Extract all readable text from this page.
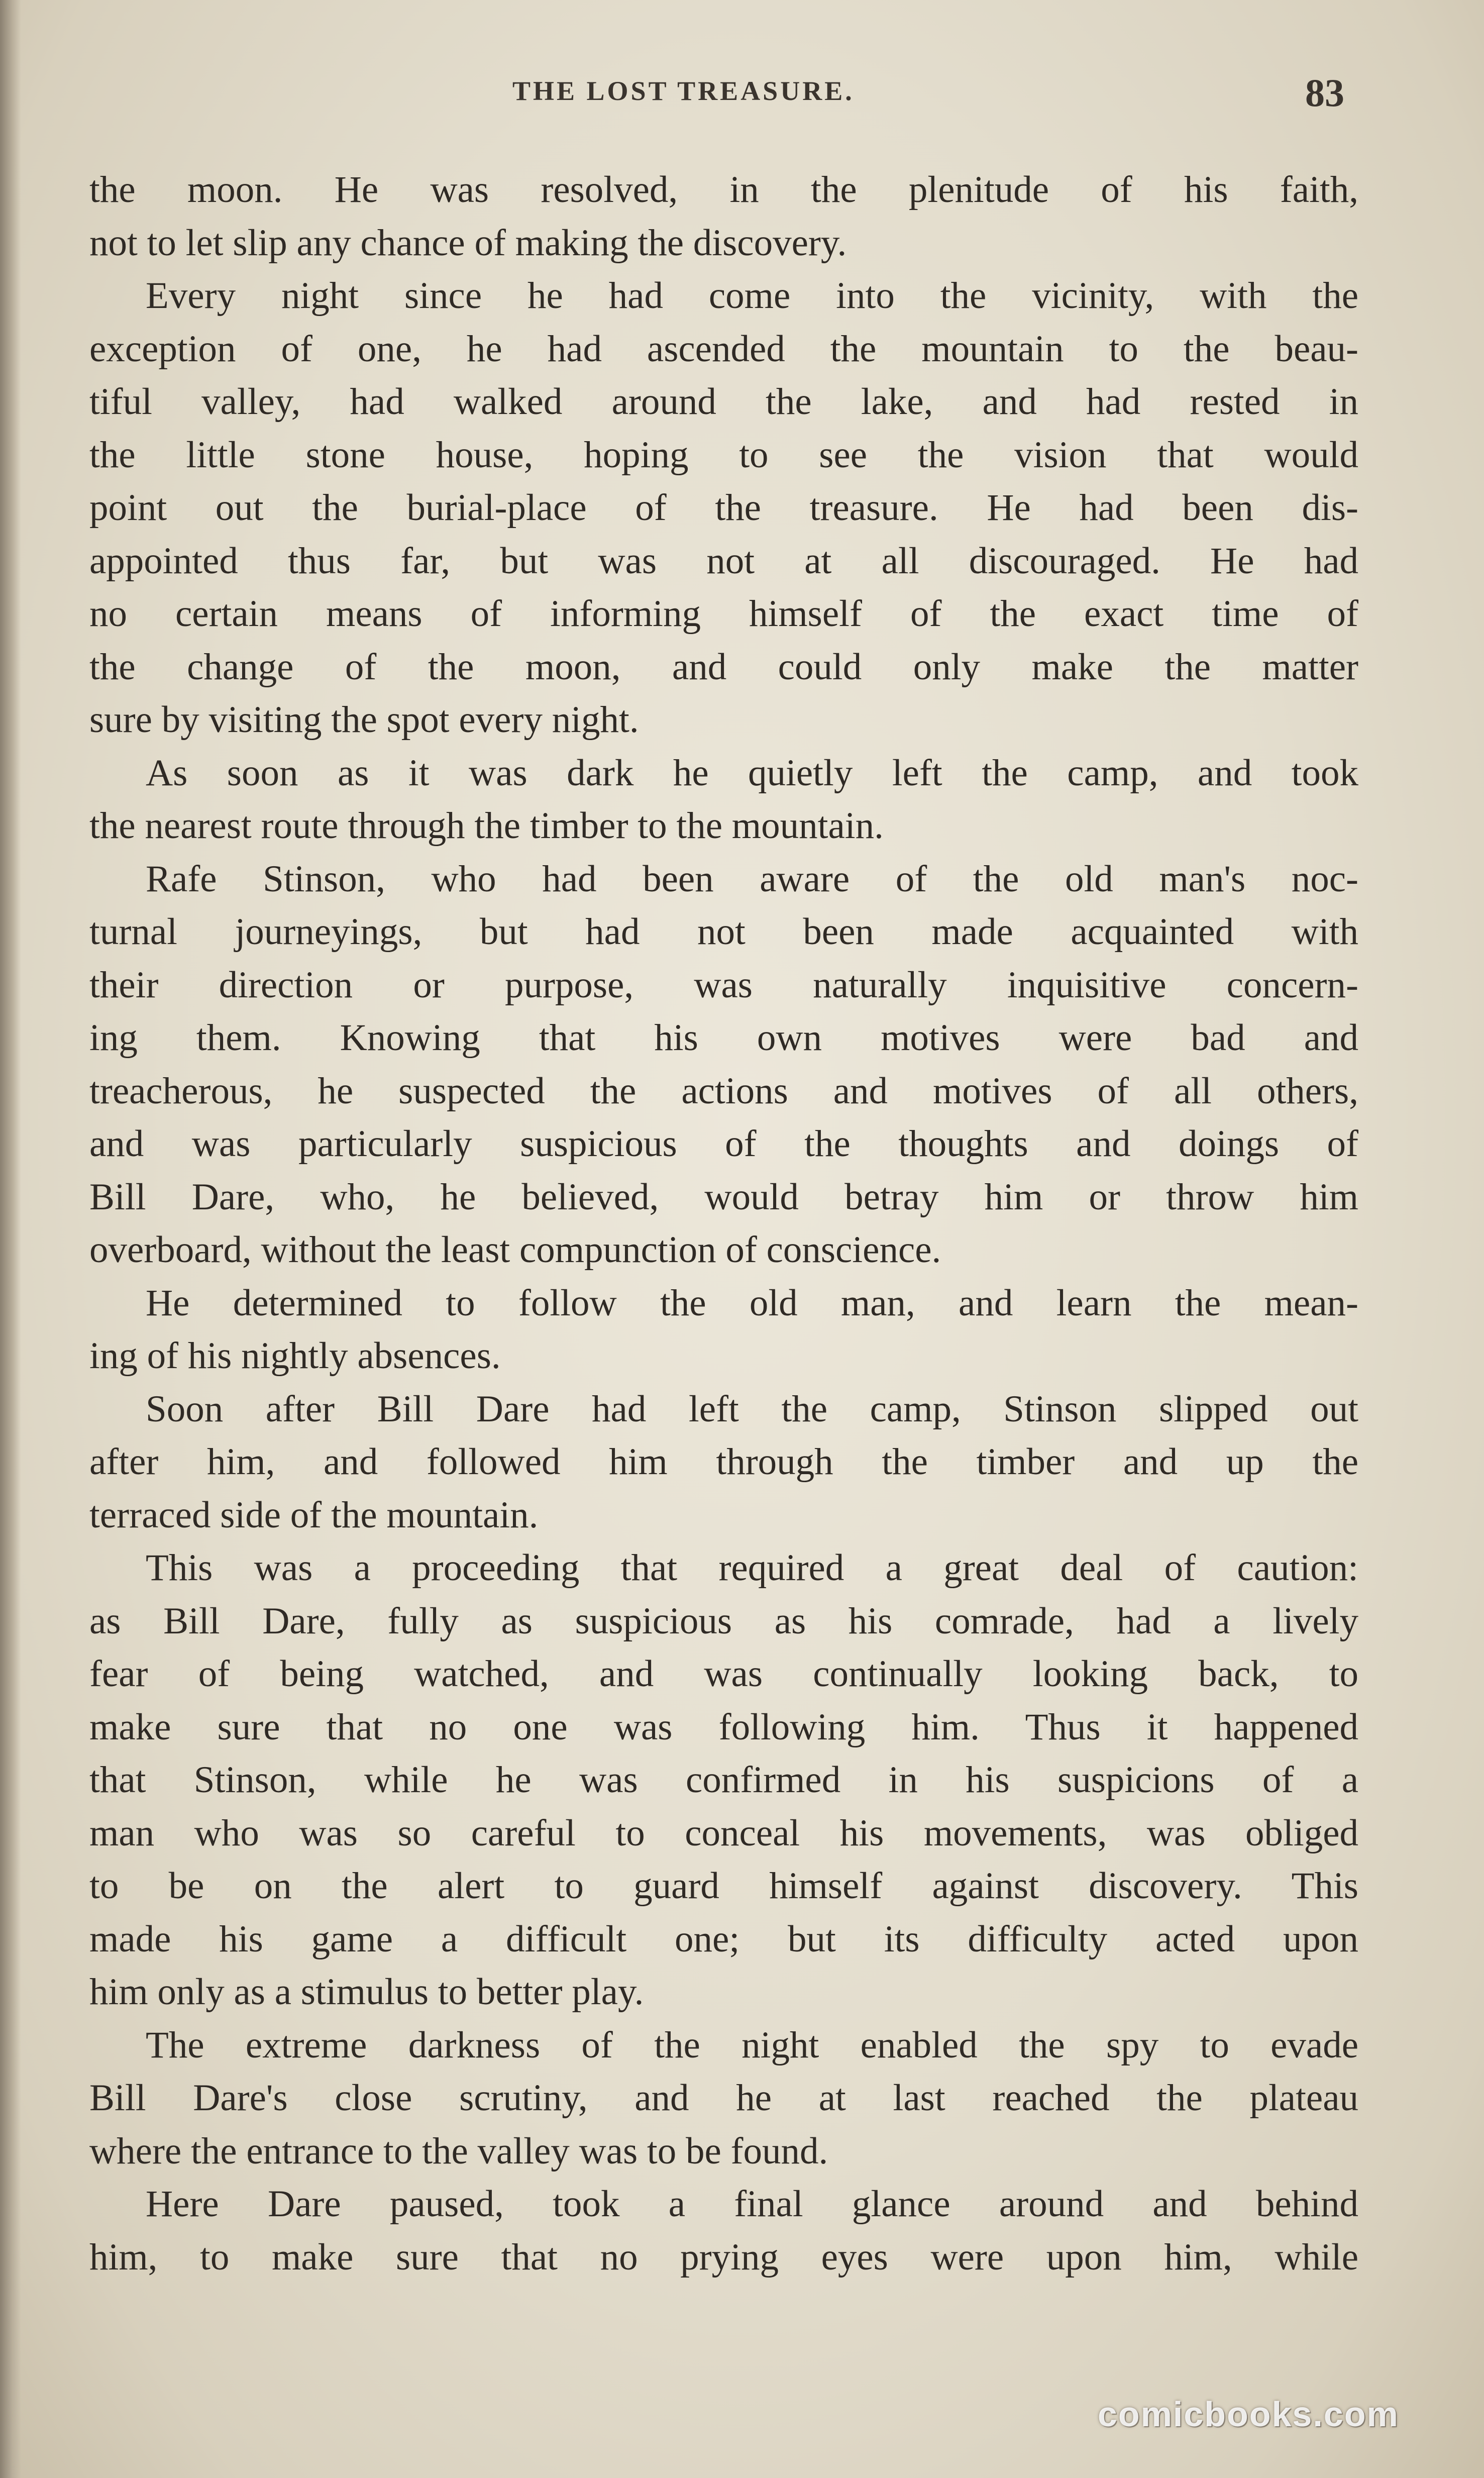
THE LOST TREASURE.	83
the moon. He was resolved, in the plenitude of his faith,
not to let slip any chance of making the discovery.
Every night since he had come into the vicinity, with the
exception of one, he had ascended the mountain to the beau-
tiful valley, had walked around the lake, and had rested in
the little stone house, hoping to see the vision that would
point out the burial-place of the treasure. He had been dis-
appointed thus far, but was not at all discouraged. He had
no certain means of informing himself of the exact time of
the change of the moon, and could only make the matter
sure by visiting the spot every night.
As soon as it was dark he quietly left the camp, and took
the nearest route through the timber to the mountain.
Rafe Stinson, who had been aware of the old man's noc-
turnal journeyings, but had not been made acquainted with
their direction or purpose, was naturally inquisitive concern-
ing them. Knowing that his own motives were bad and
treacherous, he suspected the actions and motives of all others,
and was particularly suspicious of the thoughts and doings of
Bill Dare, who, he believed, would betray him or throw him
overboard, without the least compunction of conscience.
He determined to follow the old man, and learn the mean-
ing of his nightly absences.
Soon after Bill Dare had left the camp, Stinson slipped out
after him, and followed him through the timber and up the
terraced side of the mountain.
This was a proceeding that required a great deal of caution:
as Bill Dare, fully as suspicious as his comrade, had a lively
fear of being watched, and was continually looking back, to
make sure that no one was following him. Thus it happened
that Stinson, while he was confirmed in his suspicions of a
man who was so careful to conceal his movements, was obliged
to be on the alert to guard himself against discovery. This
made his game a difficult one; but its difficulty acted upon
him only as a stimulus to better play.
The extreme darkness of the night enabled the spy to evade
Bill Dare's close scrutiny, and he at last reached the plateau
where the entrance to the valley was to be found.
Here Dare paused, took a final glance around and behind
him, to make sure that no prying eyes were upon him, while
comicbooks.com
